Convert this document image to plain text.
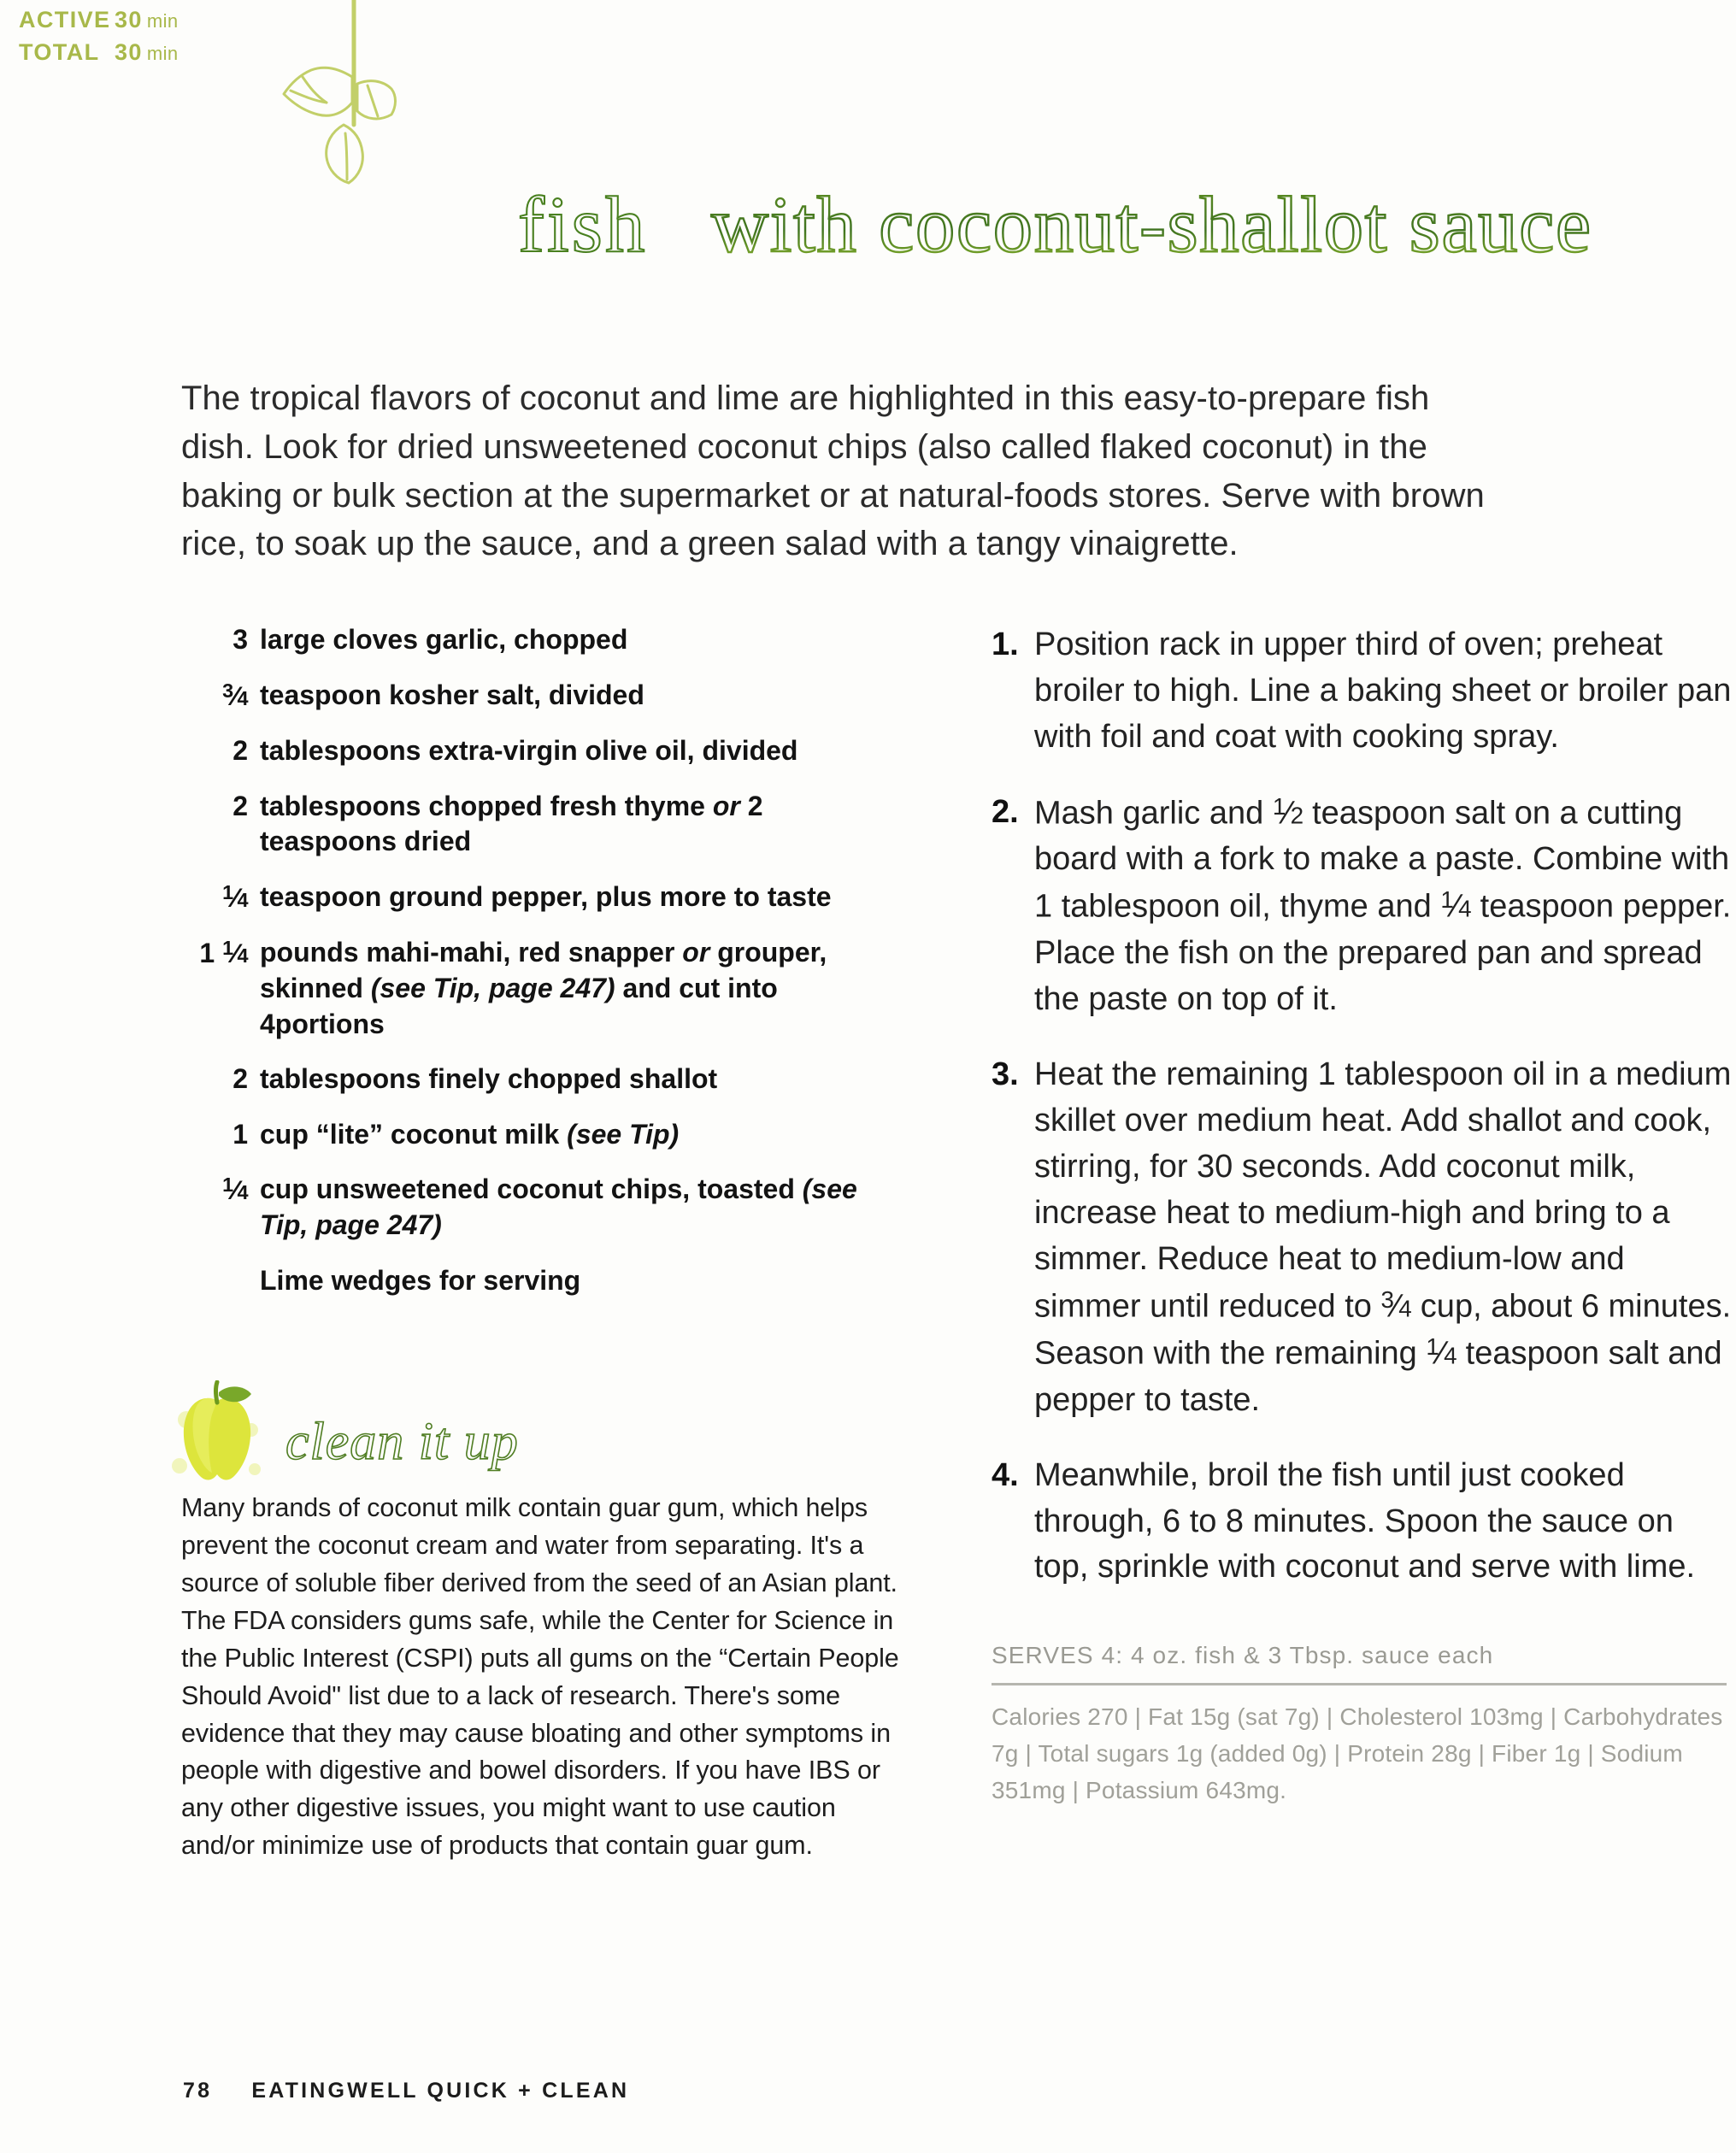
ACTIVE 30 min
TOTAL 30 min
fish with coconut-shallot sauce

The tropical flavors of coconut and lime are highlighted in this easy-to-prepare fish dish. Look for dried unsweetened coconut chips (also called flaked coconut) in the baking or bulk section at the supermarket or at natural-foods stores. Serve with brown rice, to soak up the sauce, and a green salad with a tangy vinaigrette.

3 large cloves garlic, chopped
$^3$⁄4 teaspoon kosher salt, divided
2 tablespoons extra-virgin olive oil, divided
2 tablespoons chopped fresh thyme or 2 teaspoons dried
$^1$⁄4 teaspoon ground pepper, plus more to taste
1 $^1$⁄4 pounds mahi-mahi, red snapper or grouper, skinned (see Tip, page 247) and cut into 4portions
2 tablespoons finely chopped shallot
1 cup “lite” coconut milk (see Tip)
$^1$⁄4 cup unsweetened coconut chips, toasted (see Tip, page 247)
Lime wedges for serving
clean it up

Many brands of coconut milk contain guar gum, which helps prevent the coconut cream and water from separating. It's a source of soluble fiber derived from the seed of an Asian plant. The FDA considers gums safe, while the Center for Science in the Public Interest (CSPI) puts all gums on the “Certain People Should Avoid" list due to a lack of research. There's some evidence that they may cause bloating and other symptoms in people with digestive and bowel disorders. If you have IBS or any other digestive issues, you might want to use caution and/or minimize use of products that contain guar gum.

1. Position rack in upper third of oven; preheat broiler to high. Line a baking sheet or broiler pan with foil and coat with cooking spray.
2. Mash garlic and $^1$⁄2 teaspoon salt on a cutting board with a fork to make a paste. Combine with 1 tablespoon oil, thyme and $^1$⁄4 teaspoon pepper. Place the fish on the prepared pan and spread the paste on top of it.
3. Heat the remaining 1 tablespoon oil in a medium skillet over medium heat. Add shallot and cook, stirring, for 30 seconds. Add coconut milk, increase heat to medium-high and bring to a simmer. Reduce heat to medium-low and simmer until reduced to $^3$⁄4 cup, about 6 minutes. Season with the remaining $^1$⁄4 teaspoon salt and pepper to taste.
4. Meanwhile, broil the fish until just cooked through, 6 to 8 minutes. Spoon the sauce on top, sprinkle with coconut and serve with lime.
SERVES 4: 4 oz. fish & 3 Tbsp. sauce each
Calories 270 | Fat 15g (sat 7g) | Cholesterol 103mg | Carbohydrates 7g | Total sugars 1g (added 0g) | Protein 28g | Fiber 1g | Sodium 351mg | Potassium 643mg.
78 EATINGWELL QUICK + CLEAN
